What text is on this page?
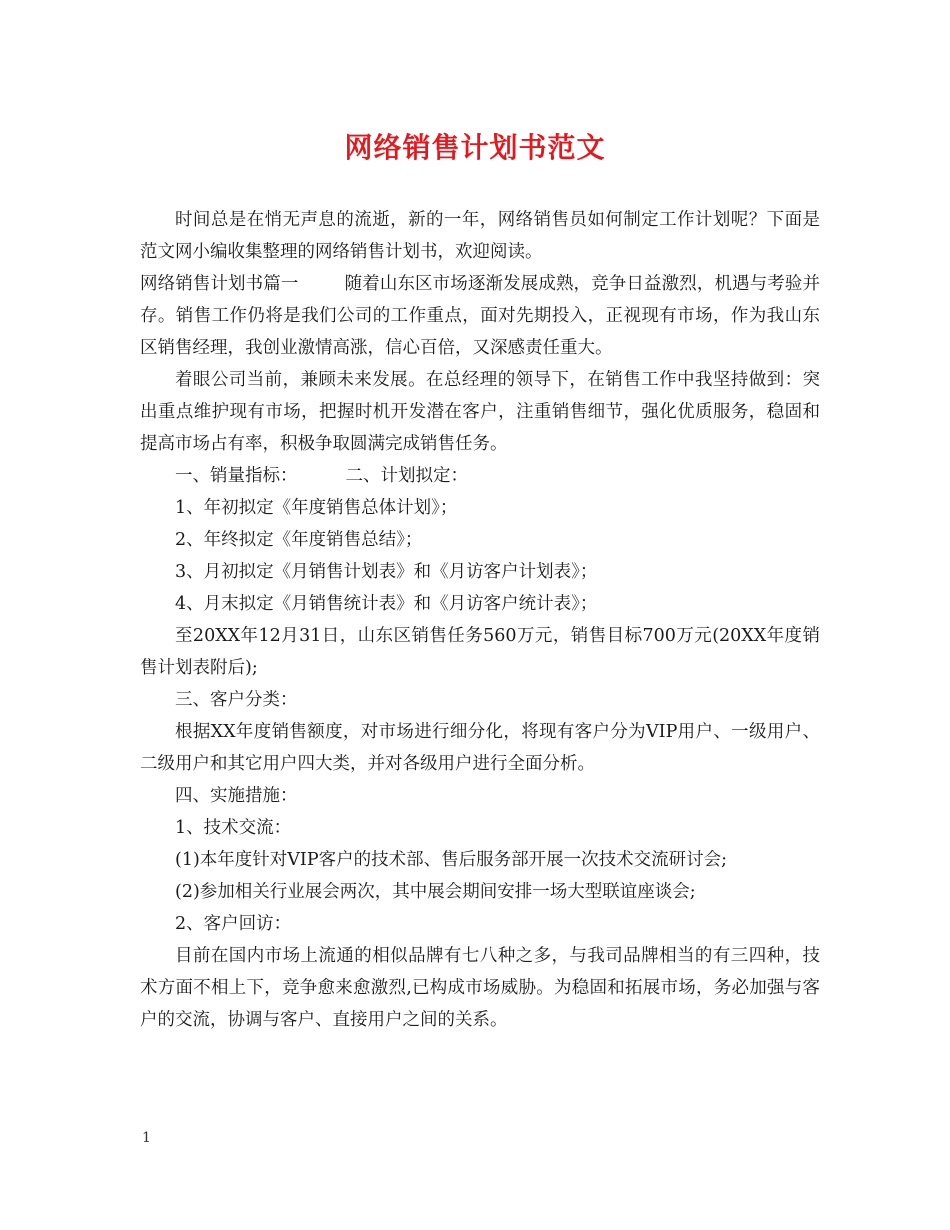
网络销售计划书范文

时间总是在悄无声息的流逝，新的一年，网络销售员如何制定工作计划呢？下面是范文网小编收集整理的网络销售计划书，欢迎阅读。

网络销售计划书篇一	随着山东区市场逐渐发展成熟，竞争日益激烈，机遇与考验并存。销售工作仍将是我们公司的工作重点，面对先期投入，正视现有市场，作为我山东区销售经理，我创业激情高涨，信心百倍，又深感责任重大。

着眼公司当前，兼顾未来发展。在总经理的领导下，在销售工作中我坚持做到：突出重点维护现有市场，把握时机开发潜在客户，注重销售细节，强化优质服务，稳固和提高市场占有率，积极争取圆满完成销售任务。

一、销量指标：	二、计划拟定：

1、年初拟定《年度销售总体计划》；

2、年终拟定《年度销售总结》；

3、月初拟定《月销售计划表》和《月访客户计划表》；

4、月末拟定《月销售统计表》和《月访客户统计表》；

至20XX年12月31日，山东区销售任务560万元，销售目标700万元(20XX年度销售计划表附后);

三、客户分类：

根据XX年度销售额度，对市场进行细分化，将现有客户分为VIP用户、一级用户、二级用户和其它用户四大类，并对各级用户进行全面分析。

四、实施措施：

1、技术交流：

(1)本年度针对VIP客户的技术部、售后服务部开展一次技术交流研讨会;

(2)参加相关行业展会两次，其中展会期间安排一场大型联谊座谈会;

2、客户回访：

目前在国内市场上流通的相似品牌有七八种之多，与我司品牌相当的有三四种，技术方面不相上下，竞争愈来愈激烈,已构成市场威胁。为稳固和拓展市场，务必加强与客户的交流，协调与客户、直接用户之间的关系。

1
